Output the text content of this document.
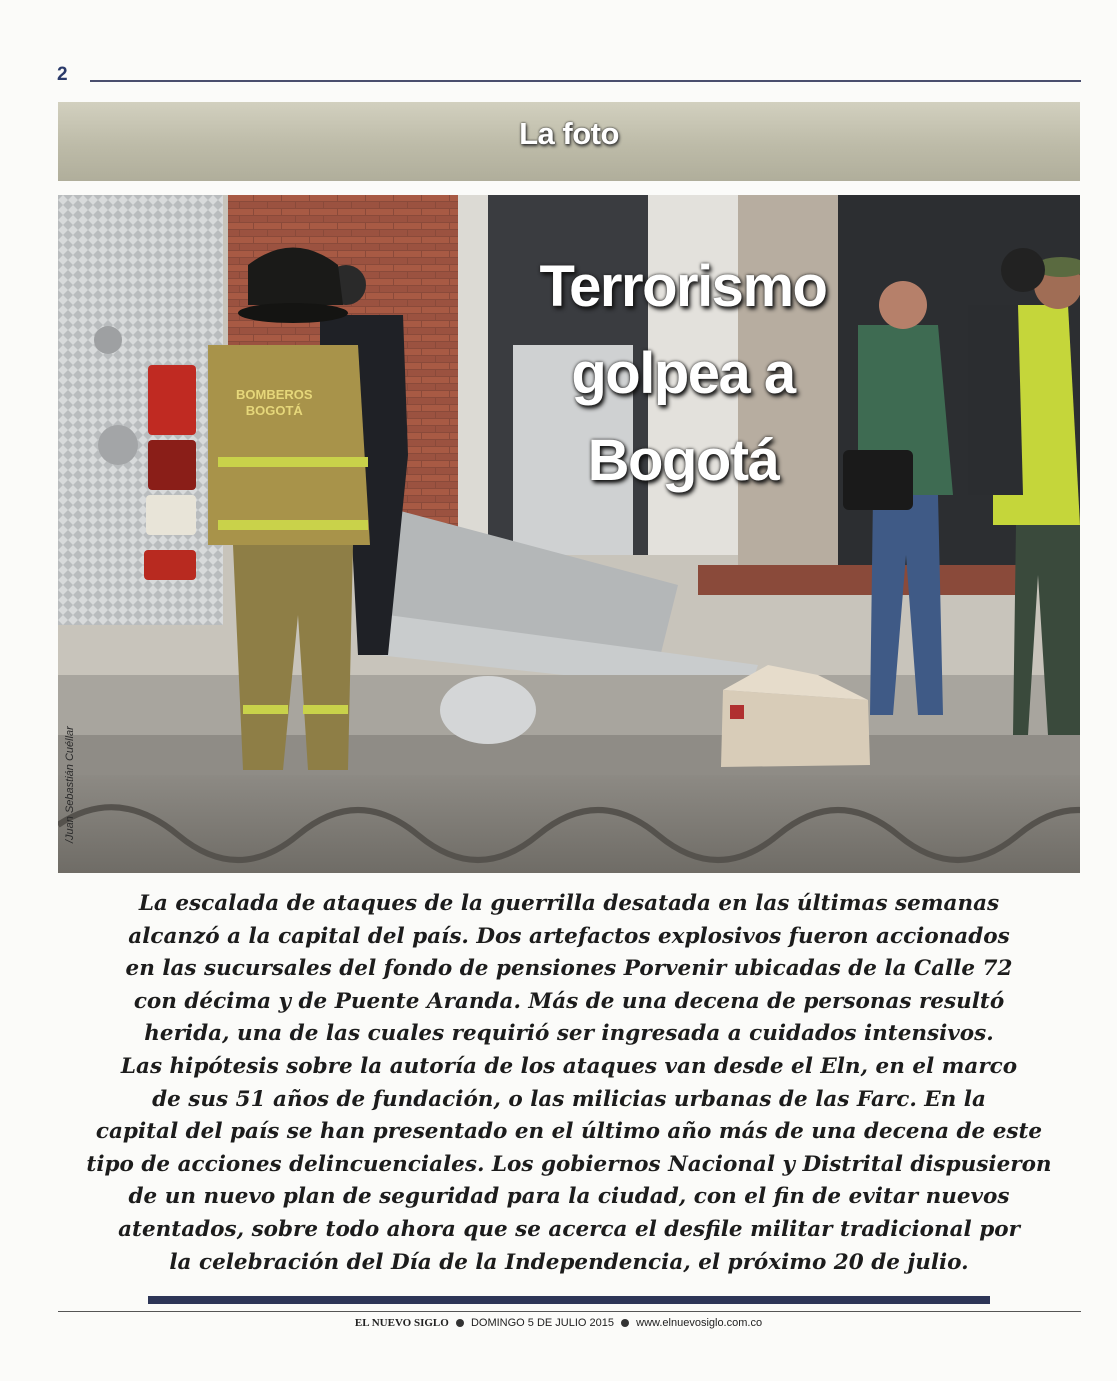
2
La foto
BOMBEROS
BOGOTÁ
Terrorismo
golpea a
Bogotá
/Juan Sebastián Cuéllar
La escalada de ataques de la guerrilla desatada en las últimas semanas
alcanzó a la capital del país. Dos artefactos explosivos fueron accionados
en las sucursales del fondo de pensiones Porvenir ubicadas de la Calle 72
con décima y de Puente Aranda. Más de una decena de personas resultó
herida, una de las cuales requirió ser ingresada a cuidados intensivos.
Las hipótesis sobre la autoría de los ataques van desde el Eln, en el marco
de sus 51 años de fundación, o las milicias urbanas de las Farc. En la
capital del país se han presentado en el último año más de una decena de este
tipo de acciones delincuenciales. Los gobiernos Nacional y Distrital dispusieron
de un nuevo plan de seguridad para la ciudad, con el fin de evitar nuevos
atentados, sobre todo ahora que se acerca el desfile militar tradicional por
la celebración del Día de la Independencia, el próximo 20 de julio.
EL NUEVO SIGLO DOMINGO 5 DE JULIO 2015 www.elnuevosiglo.com.co
